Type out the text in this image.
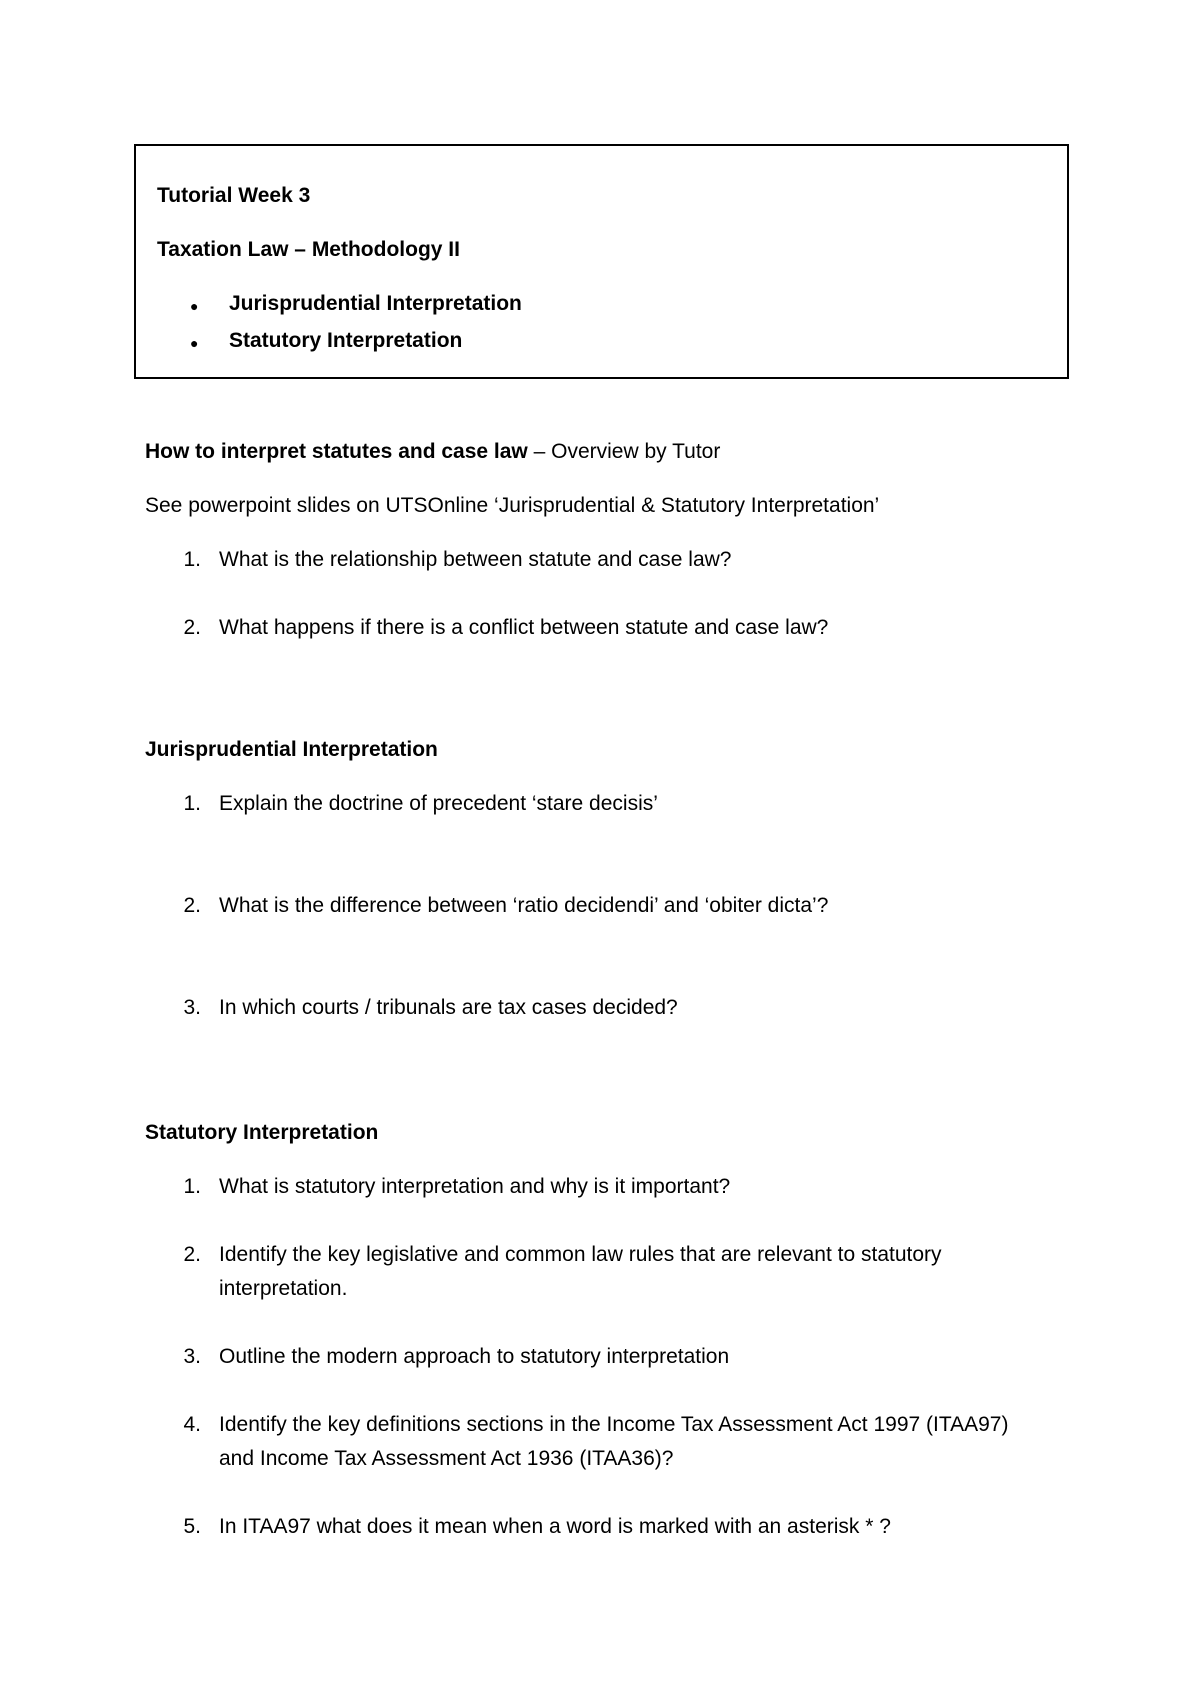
Tutorial Week 3
Taxation Law – Methodology II
● Jurisprudential Interpretation
● Statutory Interpretation
How to interpret statutes and case law – Overview by Tutor
See powerpoint slides on UTSOnline ‘Jurisprudential & Statutory Interpretation’
1. What is the relationship between statute and case law?
2. What happens if there is a conflict between statute and case law?
Jurisprudential Interpretation
1. Explain the doctrine of precedent ‘stare decisis’
2. What is the difference between ‘ratio decidendi’ and ‘obiter dicta’?
3. In which courts / tribunals are tax cases decided?
Statutory Interpretation
1. What is statutory interpretation and why is it important?
2. Identify the key legislative and common law rules that are relevant to statutory
interpretation.
3. Outline the modern approach to statutory interpretation
4. Identify the key definitions sections in the Income Tax Assessment Act 1997 (ITAA97)
and Income Tax Assessment Act 1936 (ITAA36)?
5. In ITAA97 what does it mean when a word is marked with an asterisk * ?
